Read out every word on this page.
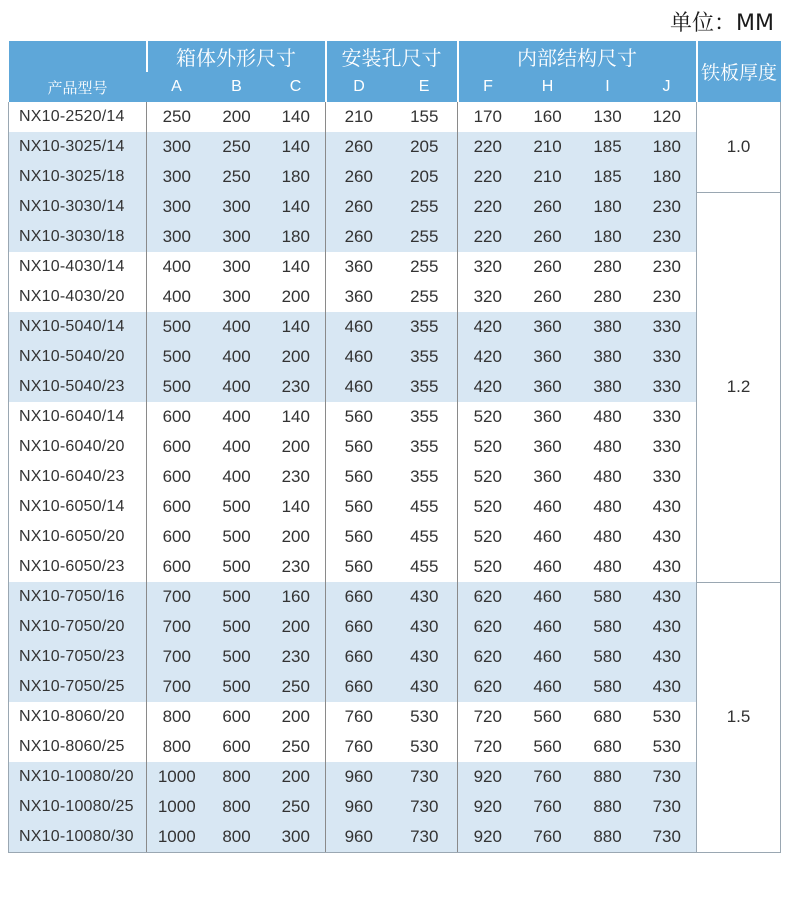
单位：MM
	箱体外形尺寸			安装孔尺寸		内部结构尺寸				铁板厚度
产品型号	A	B	C	D	E	F	H	I	J	
NX10-2520/14	250	200	140	210	155	170	160	130	120	1.0
NX10-3025/14	300	250	140	260	205	220	210	185	180	
NX10-3025/18	300	250	180	260	205	220	210	185	180	
NX10-3030/14	300	300	140	260	255	220	260	180	230	1.2
NX10-3030/18	300	300	180	260	255	220	260	180	230	
NX10-4030/14	400	300	140	360	255	320	260	280	230	
NX10-4030/20	400	300	200	360	255	320	260	280	230	
NX10-5040/14	500	400	140	460	355	420	360	380	330	
NX10-5040/20	500	400	200	460	355	420	360	380	330	
NX10-5040/23	500	400	230	460	355	420	360	380	330	
NX10-6040/14	600	400	140	560	355	520	360	480	330	
NX10-6040/20	600	400	200	560	355	520	360	480	330	
NX10-6040/23	600	400	230	560	355	520	360	480	330	
NX10-6050/14	600	500	140	560	455	520	460	480	430	
NX10-6050/20	600	500	200	560	455	520	460	480	430	
NX10-6050/23	600	500	230	560	455	520	460	480	430	
NX10-7050/16	700	500	160	660	430	620	460	580	430	1.5
NX10-7050/20	700	500	200	660	430	620	460	580	430	
NX10-7050/23	700	500	230	660	430	620	460	580	430	
NX10-7050/25	700	500	250	660	430	620	460	580	430	
NX10-8060/20	800	600	200	760	530	720	560	680	530	
NX10-8060/25	800	600	250	760	530	720	560	680	530	
NX10-10080/20	1000	800	200	960	730	920	760	880	730	
NX10-10080/25	1000	800	250	960	730	920	760	880	730	
NX10-10080/30	1000	800	300	960	730	920	760	880	730	
